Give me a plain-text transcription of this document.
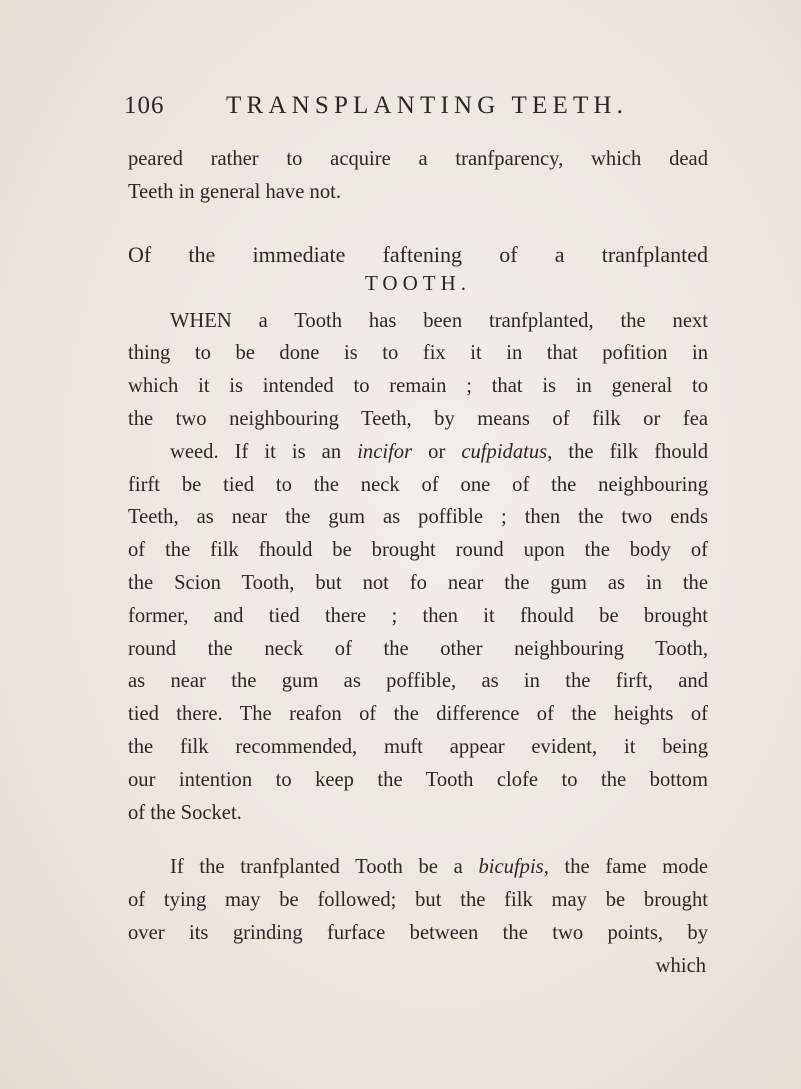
106 TRANSPLANTING TEETH.
peared rather to acquire a tranfparency, which dead
Teeth in general have not.
Of the immediate faftening of a tranfplanted
TOOTH.
WHEN a Tooth has been tranfplanted, the next
thing to be done is to fix it in that pofition in
which it is intended to remain ; that is in general to
the two neighbouring Teeth, by means of filk or fea
weed. If it is an incifor or cufpidatus, the filk fhould
firft be tied to the neck of one of the neighbouring
Teeth, as near the gum as poffible ; then the two ends
of the filk fhould be brought round upon the body of
the Scion Tooth, but not fo near the gum as in the
former, and tied there ; then it fhould be brought
round the neck of the other neighbouring Tooth,
as near the gum as poffible, as in the firft, and
tied there. The reafon of the difference of the heights of
the filk recommended, muft appear evident, it being
our intention to keep the Tooth clofe to the bottom
of the Socket.
If the tranfplanted Tooth be a bicufpis, the fame mode
of tying may be followed; but the filk may be brought
over its grinding furface between the two points, by
which
